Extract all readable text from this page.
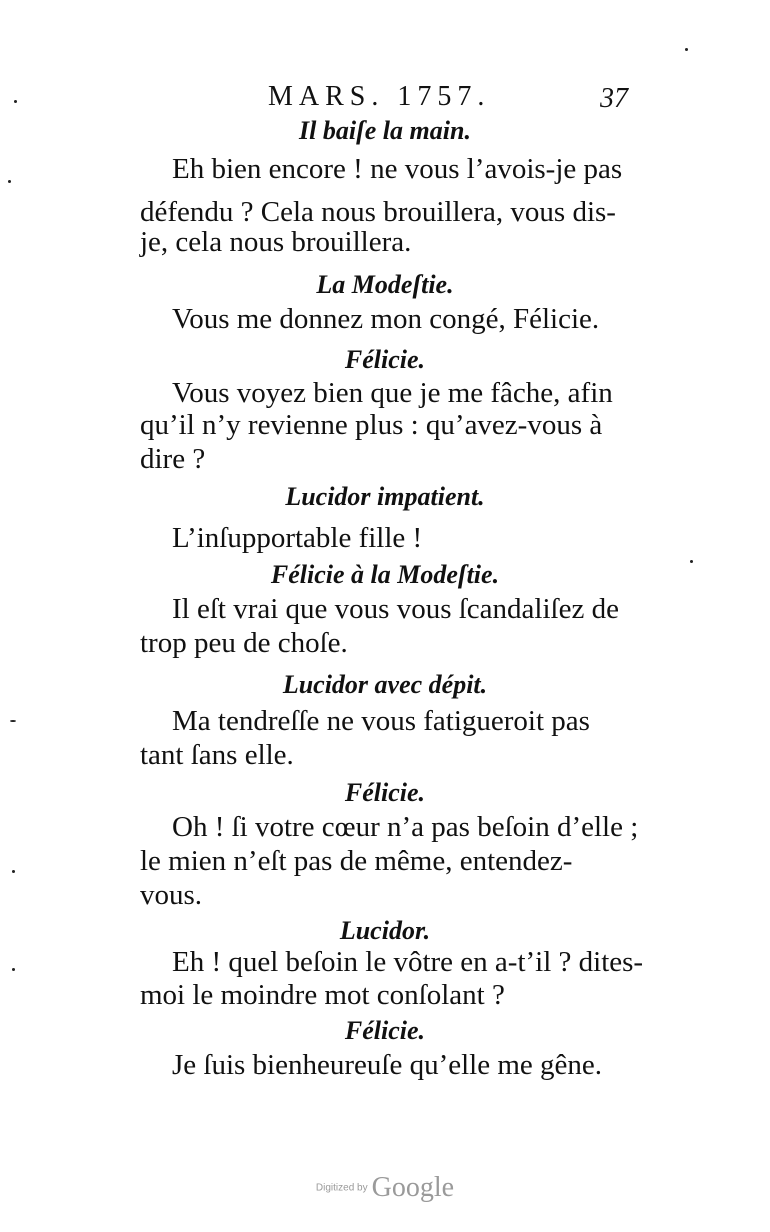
MARS. 1757.	37
Il baiſe la main.
Eh bien encore ! ne vous l’avois-je pas
défendu ? Cela nous brouillera, vous dis-
je, cela nous brouillera.
La Modeſtie.
Vous me donnez mon congé, Félicie.
Félicie.
Vous voyez bien que je me fâche, afin
qu’il n’y revienne plus : qu’avez-vous à
dire ?
Lucidor impatient.
L’inſupportable fille !
Félicie à la Modeſtie.
Il eſt vrai que vous vous ſcandaliſez de
trop peu de choſe.
Lucidor avec dépit.
Ma tendreſſe ne vous fatigueroit pas
tant ſans elle.
Félicie.
Oh ! ſi votre cœur n’a pas beſoin d’elle ;
le mien n’eſt pas de même, entendez-
vous.
Lucidor.
Eh ! quel beſoin le vôtre en a-t’il ? dites-
moi le moindre mot conſolant ?
Félicie.
Je ſuis bienheureuſe qu’elle me gêne.
Digitized by Google
